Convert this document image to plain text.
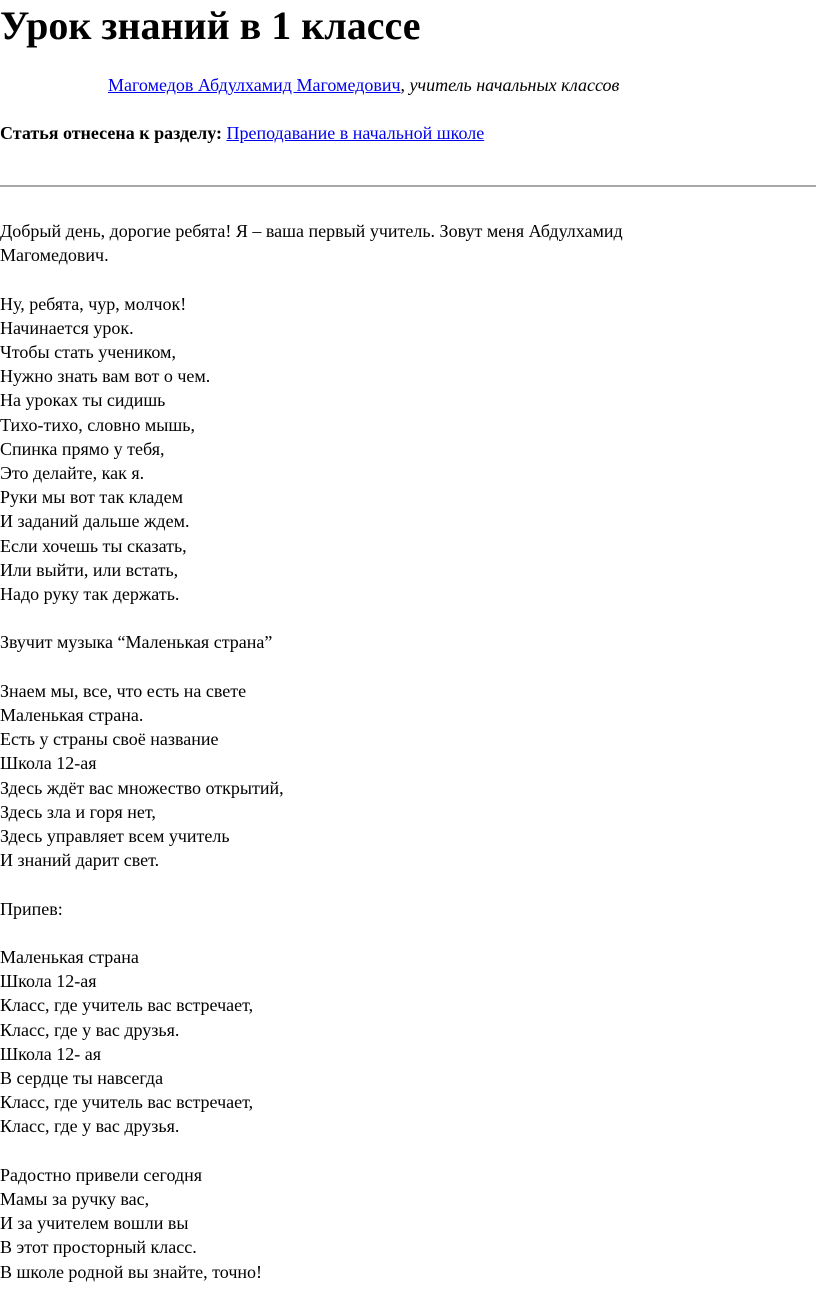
Урок знаний в 1 классе
Магомедов Абдулхамид Магомедович, учитель начальных классов
Статья отнесена к разделу: Преподавание в начальной школе

Добрый день, дорогие ребята! Я – ваша первый учитель. Зовут меня Абдулхамид
Магомедович.

Ну, ребята, чур, молчок!
Начинается урок.
Чтобы стать учеником,
Нужно знать вам вот о чем.
На уроках ты сидишь
Тихо-тихо, словно мышь,
Спинка прямо у тебя,
Это делайте, как я.
Руки мы вот так кладем
И заданий дальше ждем.
Если хочешь ты сказать,
Или выйти, или встать,
Надо руку так держать.

Звучит музыка “Маленькая страна”

Знаем мы, все, что есть на свете
Маленькая страна.
Есть у страны своё название
Школа 12-ая
Здесь ждёт вас множество открытий,
Здесь зла и горя нет,
Здесь управляет всем учитель
И знаний дарит свет.

Припев:

Маленькая страна
Школа 12-ая
Класс, где учитель вас встречает,
Класс, где у вас друзья.
Школа 12- ая
В сердце ты навсегда
Класс, где учитель вас встречает,
Класс, где у вас друзья.

Радостно привели сегодня
Мамы за ручку вас,
И за учителем вошли вы
В этот просторный класс.
В школе родной вы знайте, точно!
